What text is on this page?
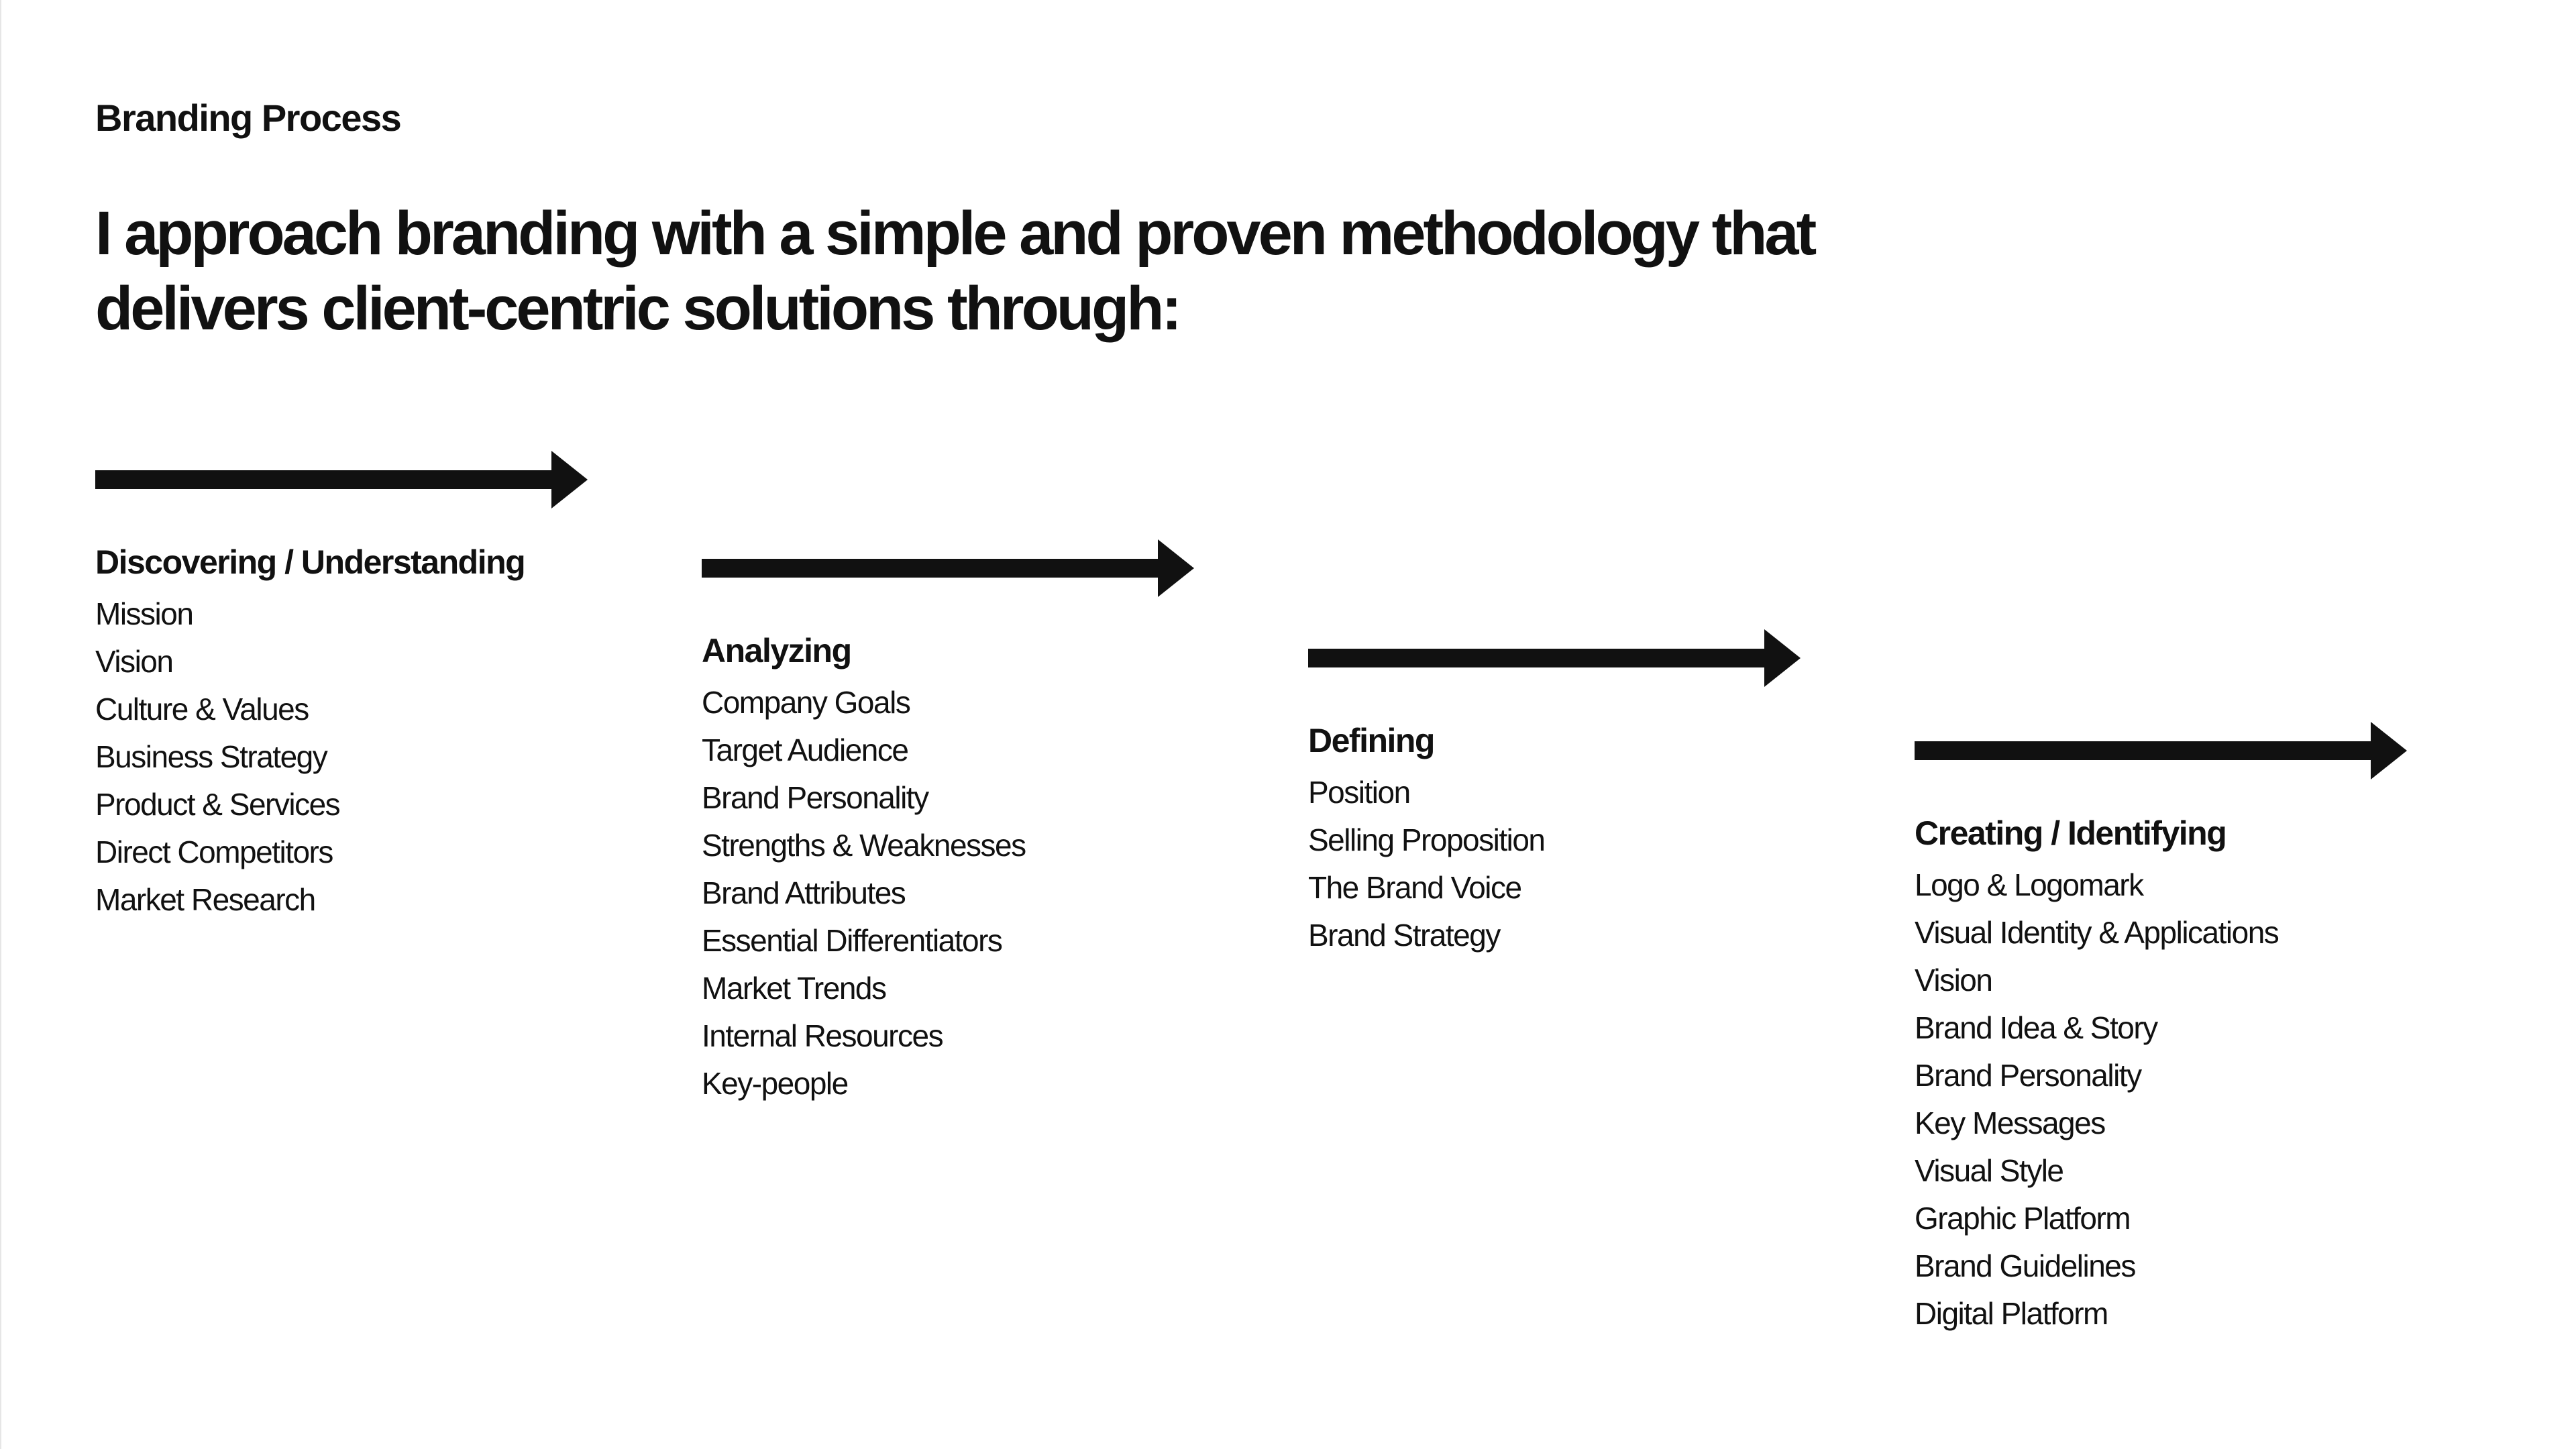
Branding Process
I approach branding with a simple and proven methodology that
delivers client-centric solutions through:
Discovering / Understanding
Mission
Vision
Culture & Values
Business Strategy
Product & Services
Direct Competitors
Market Research
Analyzing
Company Goals
Target Audience
Brand Personality
Strengths & Weaknesses
Brand Attributes
Essential Differentiators
Market Trends
Internal Resources
Key-people
Defining
Position
Selling Proposition
The Brand Voice
Brand Strategy
Creating / Identifying
Logo & Logomark
Visual Identity & Applications
Vision
Brand Idea & Story
Brand Personality
Key Messages
Visual Style
Graphic Platform
Brand Guidelines
Digital Platform
